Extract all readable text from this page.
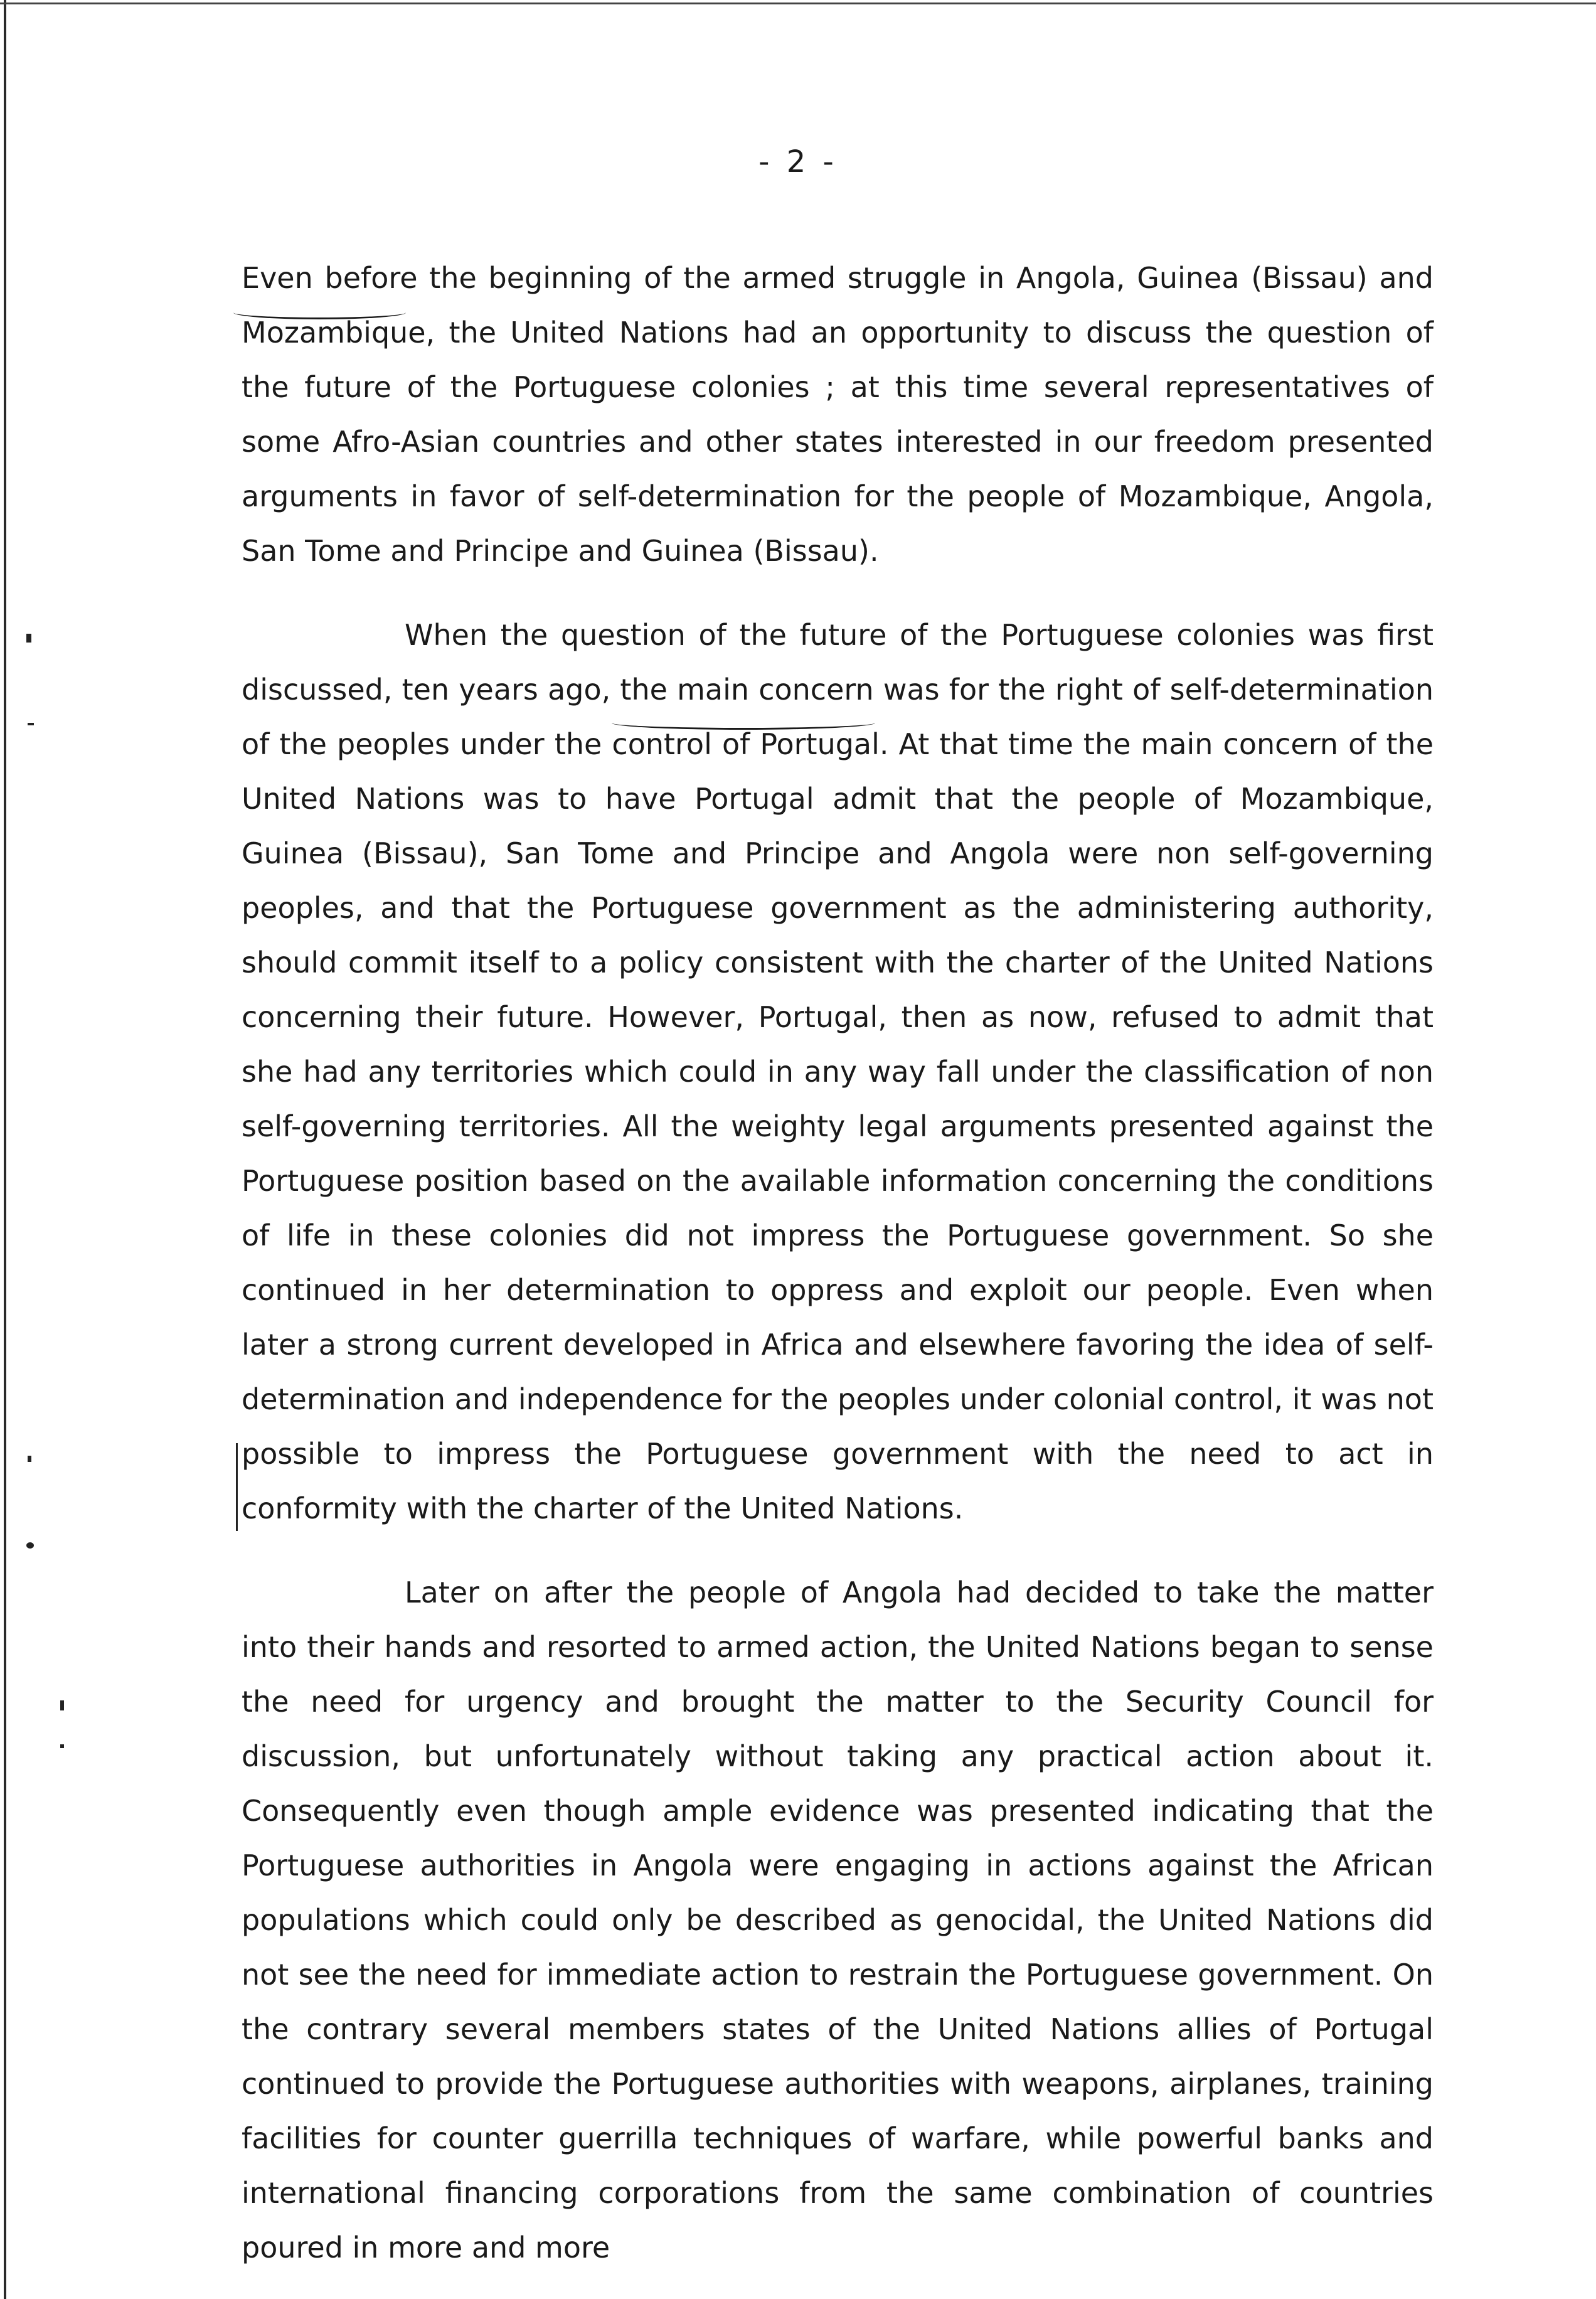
- 2 -

Even before the beginning of the armed struggle in Angola, Guinea (Bissau) and Mozambique, the United Nations had an opportunity to discuss the question of the future of the Portuguese colonies ; at this time several representatives of some Afro-Asian countries and other states interested in our freedom presented arguments in favor of self-determination for the people of Mozambique, Angola, San Tome and Principe and Guinea (Bissau).

When the question of the future of the Portuguese colonies was first discussed, ten years ago, the main concern was for the right of self-determination of the peoples under the control of Portugal. At that time the main concern of the United Nations was to have Portugal admit that the people of Mozambique, Guinea (Bissau), San Tome and Principe and Angola were non self-governing peoples, and that the Portuguese government as the administering authority, should commit itself to a policy consistent with the charter of the United Nations concerning their future. However, Portugal, then as now, refused to admit that she had any territories which could in any way fall under the classification of non self-governing territories. All the weighty legal arguments presented against the Portuguese position based on the available information concerning the conditions of life in these colonies did not impress the Portuguese government. So she continued in her determination to oppress and exploit our people. Even when later a strong current developed in Africa and elsewhere favoring the idea of self-determination and independence for the peoples under colonial control, it was not possible to impress the Portuguese government with the need to act in conformity with the charter of the United Nations.

Later on after the people of Angola had decided to take the matter into their hands and resorted to armed action, the United Nations began to sense the need for urgency and brought the matter to the Security Council for discussion, but unfortunately without taking any practical action about it. Consequently even though ample evidence was presented indicating that the Portuguese authorities in Angola were engaging in actions against the African populations which could only be described as genocidal, the United Nations did not see the need for immediate action to restrain the Portuguese government. On the contrary several members states of the United Nations allies of Portugal continued to provide the Portuguese authorities with weapons, airplanes, training facilities for counter guerrilla techniques of warfare, while powerful banks and international financing corporations from the same combination of countries poured in more and more
